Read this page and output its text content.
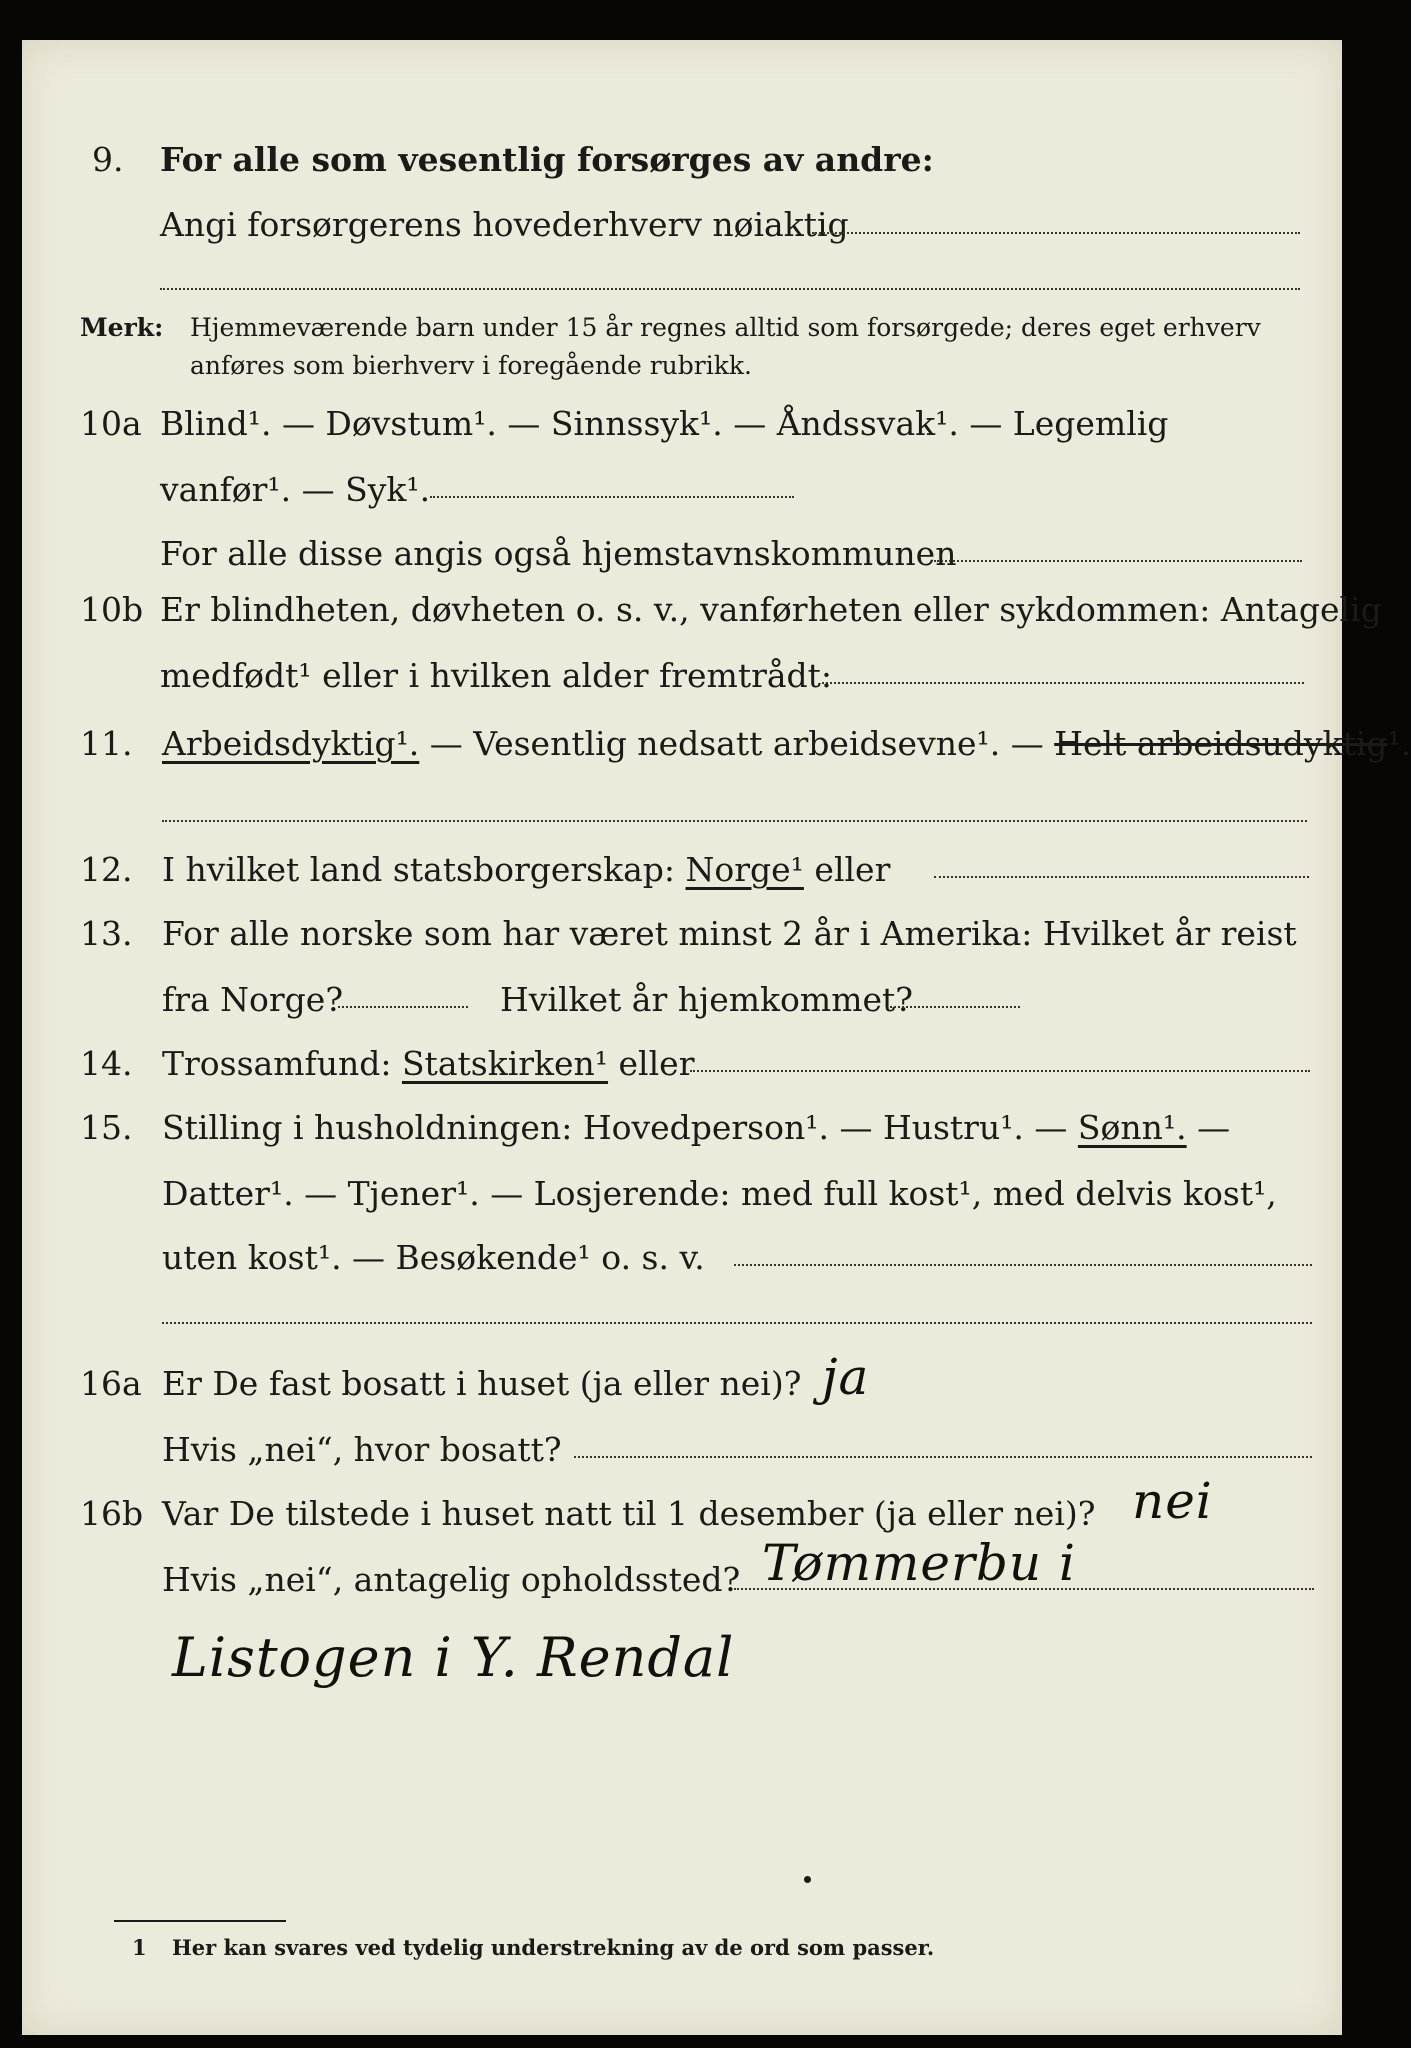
9. For alle som vesentlig forsørges av andre:
Angi forsørgerens hovederhverv nøiaktig
Merk: Hjemmeværende barn under 15 år regnes alltid som forsørgede; deres eget erhverv
anføres som bierhverv i foregående rubrikk.
10a Blind¹. — Døvstum¹. — Sinnssyk¹. — Åndssvak¹. — Legemlig
vanfør¹. — Syk¹.
For alle disse angis også hjemstavnskommunen
10b Er blindheten, døvheten o. s. v., vanførheten eller sykdommen: Antagelig
medfødt¹ eller i hvilken alder fremtrådt:
11. Arbeidsdyktig¹. — Vesentlig nedsatt arbeidsevne¹. — Helt arbeidsudyktig¹.
12. I hvilket land statsborgerskap: Norge¹ eller
13. For alle norske som har været minst 2 år i Amerika: Hvilket år reist
fra Norge?	Hvilket år hjemkommet?
14. Trossamfund: Statskirken¹ eller
15. Stilling i husholdningen: Hovedperson¹. — Hustru¹. — Sønn¹. —
Datter¹. — Tjener¹. — Losjerende: med full kost¹, med delvis kost¹,
uten kost¹. — Besøkende¹ o. s. v.
16a Er De fast bosatt i huset (ja eller nei)? ja
Hvis „nei“, hvor bosatt?
16b Var De tilstede i huset natt til 1 desember (ja eller nei)? nei
Hvis „nei“, antagelig opholdssted? Tømmerbu i
Listogen i Y. Rendal
1 Her kan svares ved tydelig understrekning av de ord som passer.
